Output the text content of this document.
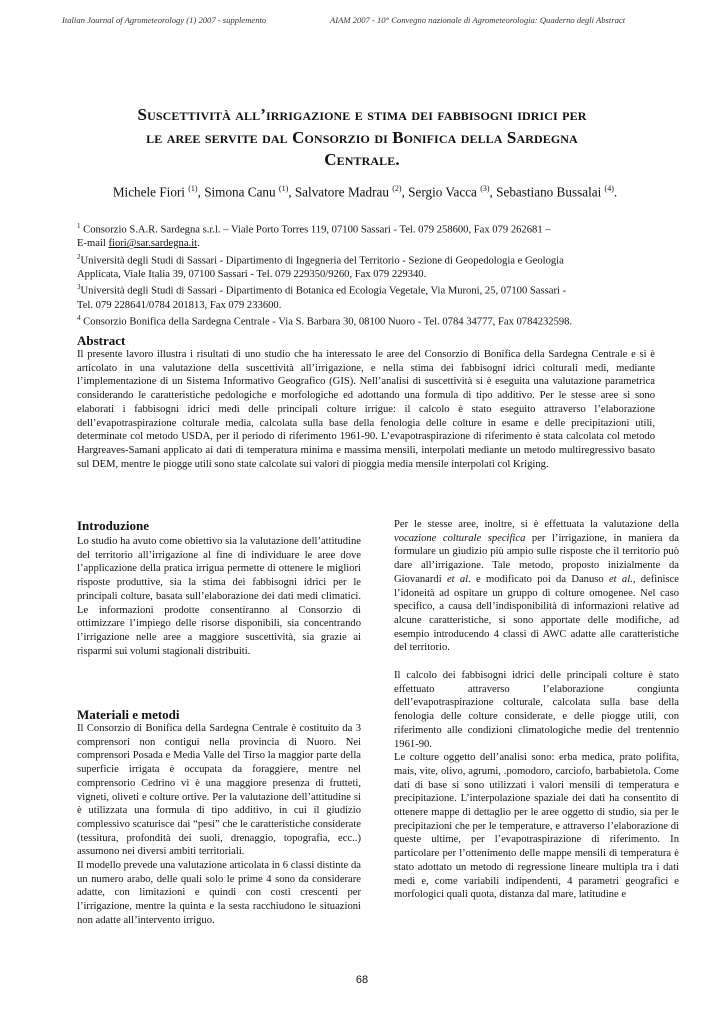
Italian Journal of Agrometeorology (1) 2007 - supplemento	AIAM 2007 - 10° Convegno nazionale di Agrometeorologia: Quaderno degli Abstract
Suscettività all’irrigazione e stima dei fabbisogni idrici per
le aree servite dal Consorzio di Bonifica della Sardegna
Centrale.
Michele Fiori $^{(1)}$, Simona Canu $^{(1)}$, Salvatore Madrau $^{(2)}$, Sergio Vacca $^{(3)}$, Sebastiano Bussalai $^{(4)}$.

$^1$ Consorzio S.A.R. Sardegna s.r.l. – Viale Porto Torres 119, 07100 Sassari - Tel. 079 258600, Fax 079 262681 –

E-mail fiori@sar.sardegna.it.

$^2$Università degli Studi di Sassari - Dipartimento di Ingegneria del Territorio - Sezione di Geopedologia e Geologia

Applicata, Viale Italia 39, 07100 Sassari - Tel. 079 229350/9260, Fax 079 229340.

$^3$Università degli Studi di Sassari - Dipartimento di Botanica ed Ecologia Vegetale, Via Muroni, 25, 07100 Sassari -

Tel. 079 228641/0784 201813, Fax 079 233600.

$^4$ Consorzio Bonifica della Sardegna Centrale - Via S. Barbara 30, 08100 Nuoro - Tel. 0784 34777, Fax 0784232598.

Abstract
Il presente lavoro illustra i risultati di uno studio che ha interessato le aree del Consorzio di Bonifica della Sardegna Centrale e si è articolato in una valutazione della suscettività all’irrigazione, e nella stima dei fabbisogni idrici colturali medi, mediante l’implementazione di un Sistema Informativo Geografico (GIS). Nell’analisi di suscettività si è eseguita una valutazione parametrica considerando le caratteristiche pedologiche e morfologiche ed adottando una formula di tipo additivo. Per le stesse aree si sono elaborati i fabbisogni idrici medi delle principali colture irrigue: il calcolo è stato eseguito attraverso l’elaborazione dell’evapotraspirazione colturale media, calcolata sulla base della fenologia delle colture in esame e delle precipitazioni utili, determinate col metodo USDA, per il periodo di riferimento 1961-90. L’evapotraspirazione di riferimento è stata calcolata col metodo Hargreaves-Samani applicato ai dati di temperatura minima e massima mensili, interpolati mediante un metodo multiregressivo basato sul DEM, mentre le piogge utili sono state calcolate sui valori di pioggia media mensile interpolati col Kriging.
Introduzione
Lo studio ha avuto come obiettivo sia la valutazione dell’attitudine del territorio all’irrigazione al fine di individuare le aree dove l’applicazione della pratica irrigua permette di ottenere le migliori risposte produttive, sia la stima dei fabbisogni idrici per le principali colture, basata sull’elaborazione dei dati medi climatici. Le informazioni prodotte consentiranno al Consorzio di ottimizzare l’impiego delle risorse disponibili, sia concentrando l’irrigazione nelle aree a maggiore suscettività, sia grazie ai risparmi sui volumi stagionali distribuiti.
Materiali e metodi

Il Consorzio di Bonifica della Sardegna Centrale è costituito da 3 comprensori non contigui nella provincia di Nuoro. Nei comprensori Posada e Media Valle del Tirso la maggior parte della superficie irrigata è occupata da foraggiere, mentre nel comprensorio Cedrino vi è una maggiore presenza di frutteti, vigneti, oliveti e colture ortive. Per la valutazione dell’attitudine si è utilizzata una formula di tipo additivo, in cui il giudizio complessivo scaturisce dai “pesi” che le caratteristiche considerate (tessitura, profondità dei suoli, drenaggio, topografia, ecc..) assumono nei diversi ambiti territoriali.

Il modello prevede una valutazione articolata in 6 classi distinte da un numero arabo, delle quali solo le prime 4 sono da considerare adatte, con limitazioni e quindi con costi crescenti per l’irrigazione, mentre la quinta e la sesta racchiudono le situazioni non adatte all’intervento irriguo.

Per le stesse aree, inoltre, si è effettuata la valutazione della vocazione colturale specifica per l’irrigazione, in maniera da formulare un giudizio più ampio sulle risposte che il territorio può dare all’irrigazione. Tale metodo, proposto inizialmente da Giovanardi et al. e modificato poi da Danuso et al., definisce l’idoneità ad ospitare un gruppo di colture omogenee. Nel caso specifico, a causa dell’indisponibilità di informazioni relative ad alcune caratteristiche, si sono apportate delle modifiche, ad esempio introducendo 4 classi di AWC adatte alle caratteristiche del territorio.

Il calcolo dei fabbisogni idrici delle principali colture è stato effettuato attraverso l’elaborazione congiunta dell’evapotraspirazione colturale, calcolata sulla base della fenologia delle colture considerate, e delle piogge utili, con riferimento alle condizioni climatologiche medie del trentennio 1961-90.

Le colture oggetto dell’analisi sono: erba medica, prato polifita, mais, vite, olivo, agrumi, .pomodoro, carciofo, barbabietola. Come dati di base si sono utilizzati i valori mensili di temperatura e precipitazione. L’interpolazione spaziale dei dati ha consentito di ottenere mappe di dettaglio per le aree oggetto di studio, sia per le precipitazioni che per le temperature, e attraverso l’elaborazione di queste ultime, per l’evapotraspirazione di riferimento. In particolare per l’ottenimento delle mappe mensili di temperatura è stato adottato un metodo di regressione lineare multipla tra i dati medi e, come variabili indipendenti, 4 parametri geografici e morfologici quali quota, distanza dal mare, latitudine e

68
